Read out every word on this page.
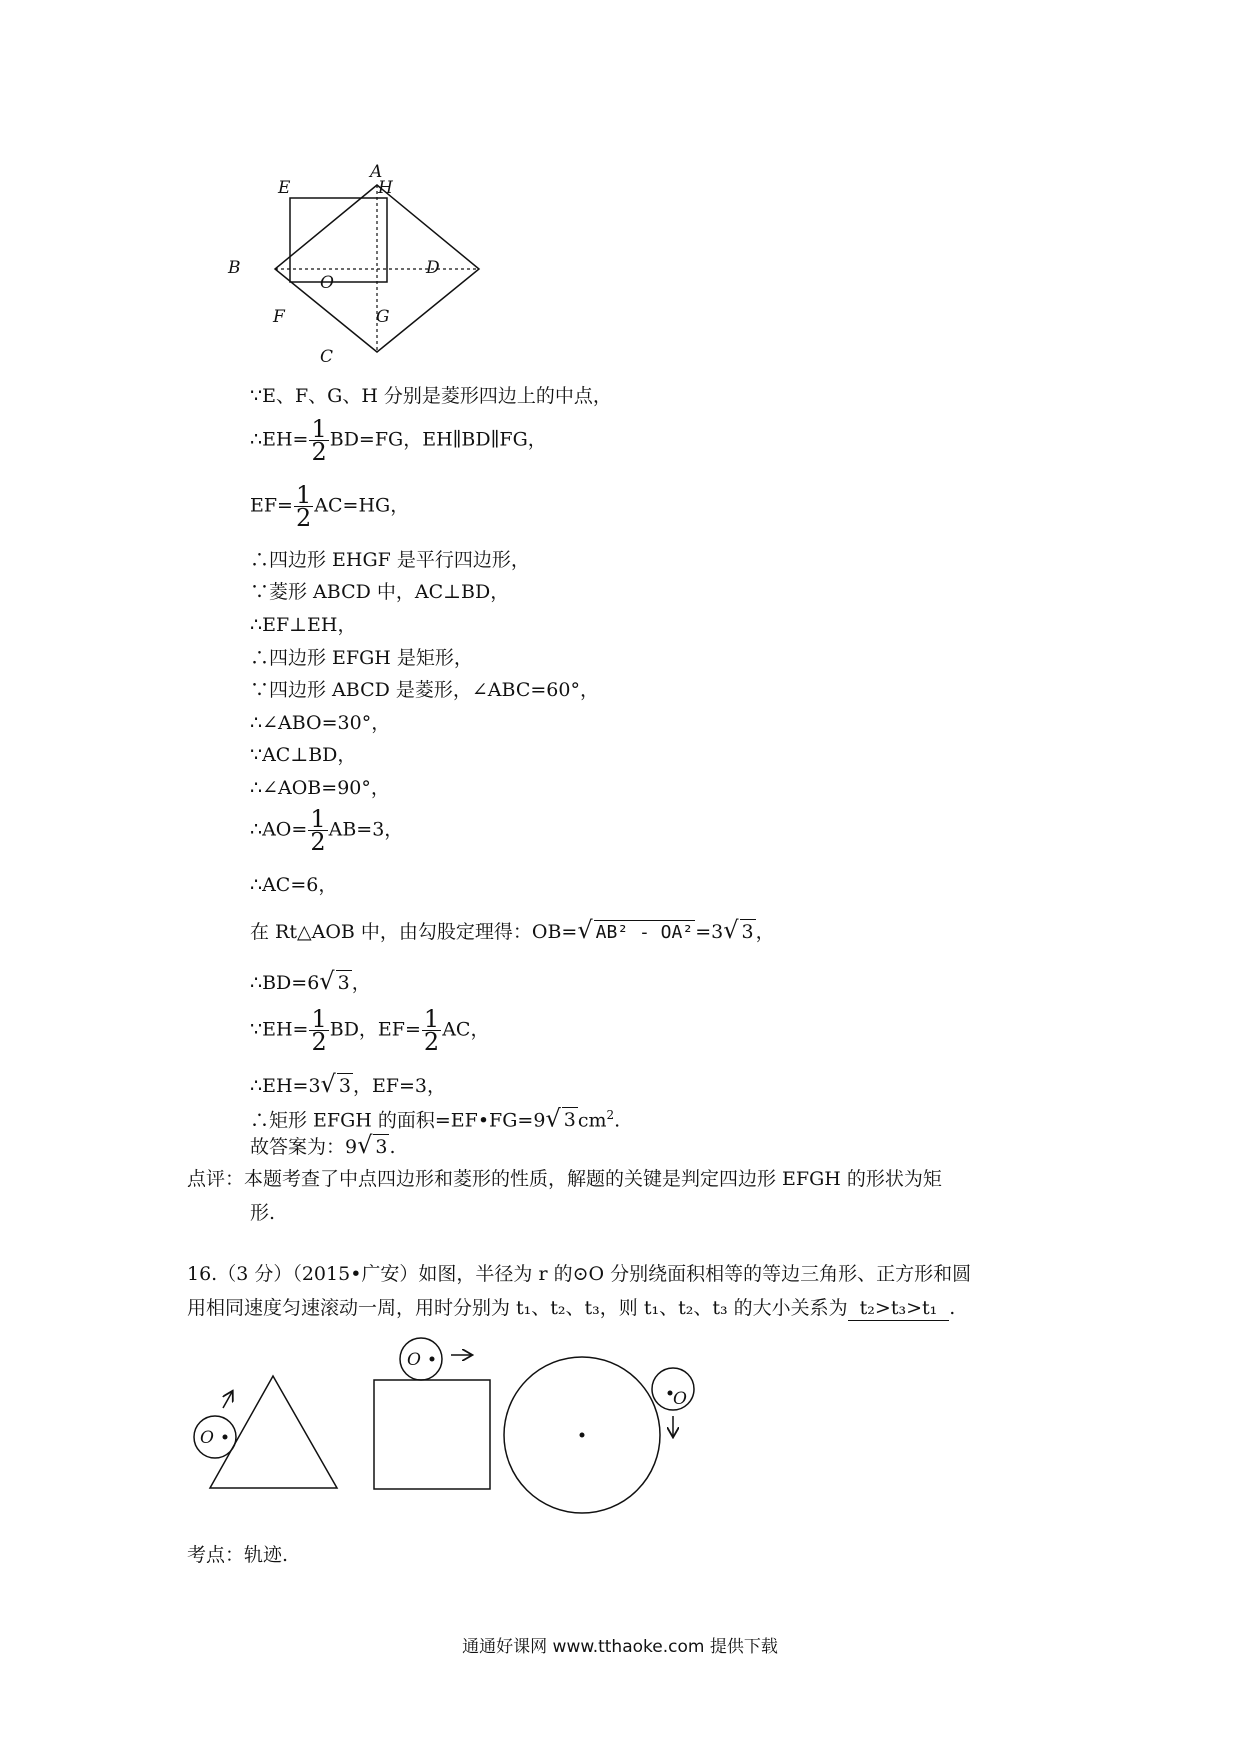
A
E	H
B
O
D
F	G
C
∵E、F、G、H 分别是菱形四边上的中点，
∴EH= $\frac{1}{2} BD=FG$，EH∥BD∥FG，
$EF= \frac{1}{2} AC=HG$，
∴四边形 EHGF 是平行四边形，
∵菱形 ABCD 中，AC⊥BD，
∴EF⊥EH，
∴四边形 EFGH 是矩形，
∵四边形 ABCD 是菱形，∠ABC=60°，
∴∠ABO=30°，
∵AC⊥BD，
∴∠AOB=90°，
∴AO= $\frac{1}{2} AB=3$，
∴AC=6，
在 Rt△AOB 中，由勾股定理得：OB=√ AB² - OA² =3√ 3 ，
∴BD=6√ 3 ，
∵EH= $\frac{1}{2}$ BD，$EF= \frac{1}{2}$ AC，
∴EH=3√ 3 ，EF=3，
∴矩形 EFGH 的面积=EF•FG=9√ 3 $cm^2$.
故答案为：9√ 3 .
点评：本题考查了中点四边形和菱形的性质，解题的关键是判定四边形 EFGH 的形状为矩
形.
16.（3 分）（2015•广安）如图，半径为 r 的⊙O 分别绕面积相等的等边三角形、正方形和圆
用相同速度匀速滚动一周，用时分别为 t₁、t₂、t₃，则 t₁、t₂、t₃ 的大小关系为 t₂>t₃>t₁ .
O
O
O
考点：轨迹.
通通好课网 www.tthaoke.com 提供下载
